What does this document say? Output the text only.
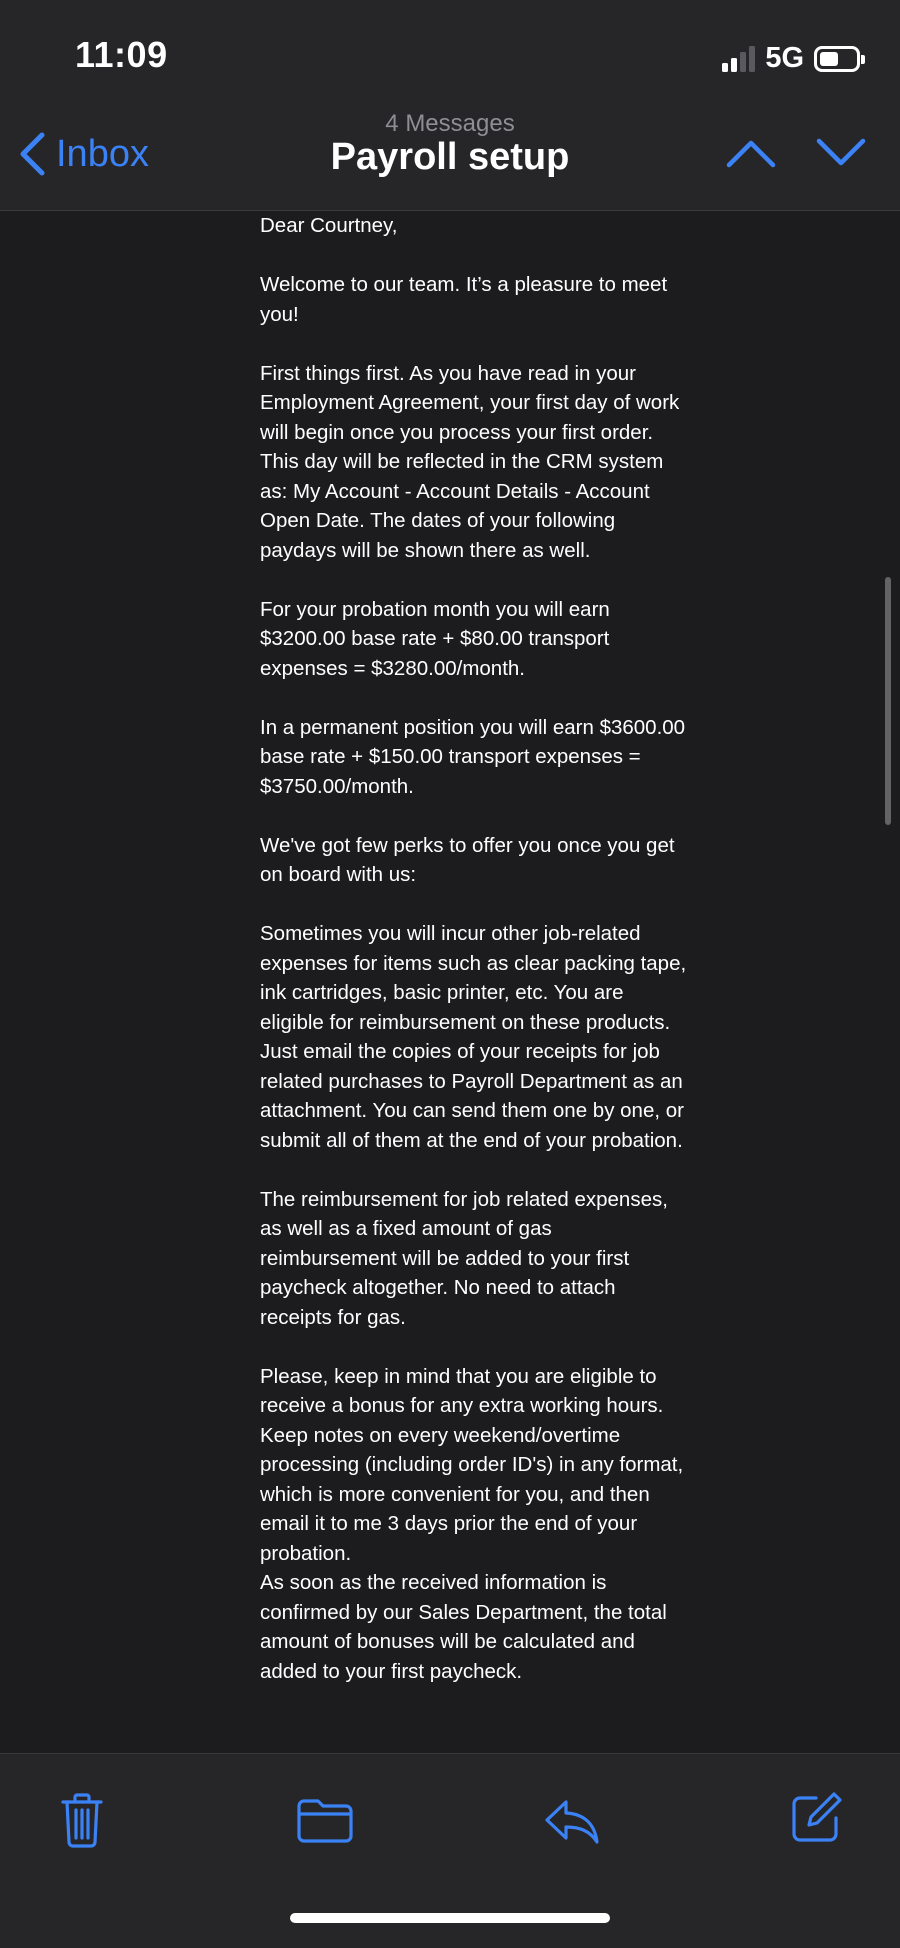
11:09	5G
Inbox
4 Messages
Payroll setup

Dear Courtney,

Welcome to our team. It’s a pleasure to meet you!

First things first. As you have read in your Employment Agreement, your first day of work will begin once you process your first order. This day will be reflected in the CRM system as: My Account - Account Details - Account Open Date. The dates of your following paydays will be shown there as well.

For your probation month you will earn $3200.00 base rate + $80.00 transport expenses = $3280.00/month.

In a permanent position you will earn $3600.00 base rate + $150.00 transport expenses = $3750.00/month.

We've got few perks to offer you once you get on board with us:

Sometimes you will incur other job-related expenses for items such as clear packing tape, ink cartridges, basic printer, etc. You are eligible for reimbursement on these products. Just email the copies of your receipts for job related purchases to Payroll Department as an attachment. You can send them one by one, or submit all of them at the end of your probation.

The reimbursement for job related expenses, as well as a fixed amount of gas reimbursement will be added to your first paycheck altogether. No need to attach receipts for gas.

Please, keep in mind that you are eligible to receive a bonus for any extra working hours. Keep notes on every weekend/overtime processing (including order ID's) in any format, which is more convenient for you, and then email it to me 3 days prior the end of your probation.

As soon as the received information is confirmed by our Sales Department, the total amount of bonuses will be calculated and added to your first paycheck.
